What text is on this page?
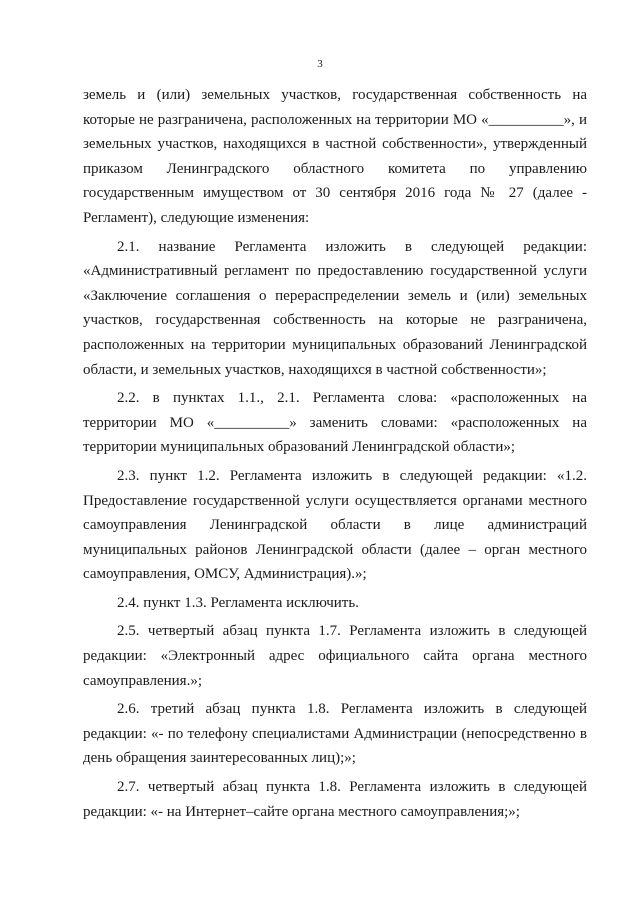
3

земель и (или) земельных участков, государственная собственность на которые не разграничена, расположенных на территории МО «__________», и земельных участков, находящихся в частной собственности», утвержденный приказом Ленинградского областного комитета по управлению государственным имуществом от 30 сентября 2016 года № 27 (далее - Регламент), следующие изменения:

2.1. название Регламента изложить в следующей редакции: «Административный регламент по предоставлению государственной услуги «Заключение соглашения о перераспределении земель и (или) земельных участков, государственная собственность на которые не разграничена, расположенных на территории муниципальных образований Ленинградской области, и земельных участков, находящихся в частной собственности»;

2.2. в пунктах 1.1., 2.1. Регламента слова: «расположенных на территории МО «__________» заменить словами: «расположенных на территории муниципальных образований Ленинградской области»;

2.3. пункт 1.2. Регламента изложить в следующей редакции: «1.2. Предоставление государственной услуги осуществляется органами местного самоуправления Ленинградской области в лице администраций муниципальных районов Ленинградской области (далее – орган местного самоуправления, ОМСУ, Администрация).»;

2.4. пункт 1.3. Регламента исключить.

2.5. четвертый абзац пункта 1.7. Регламента изложить в следующей редакции: «Электронный адрес официального сайта органа местного самоуправления.»;

2.6. третий абзац пункта 1.8. Регламента изложить в следующей редакции: «- по телефону специалистами Администрации (непосредственно в день обращения заинтересованных лиц);»;

2.7. четвертый абзац пункта 1.8. Регламента изложить в следующей редакции: «- на Интернет–сайте органа местного самоуправления;»;
